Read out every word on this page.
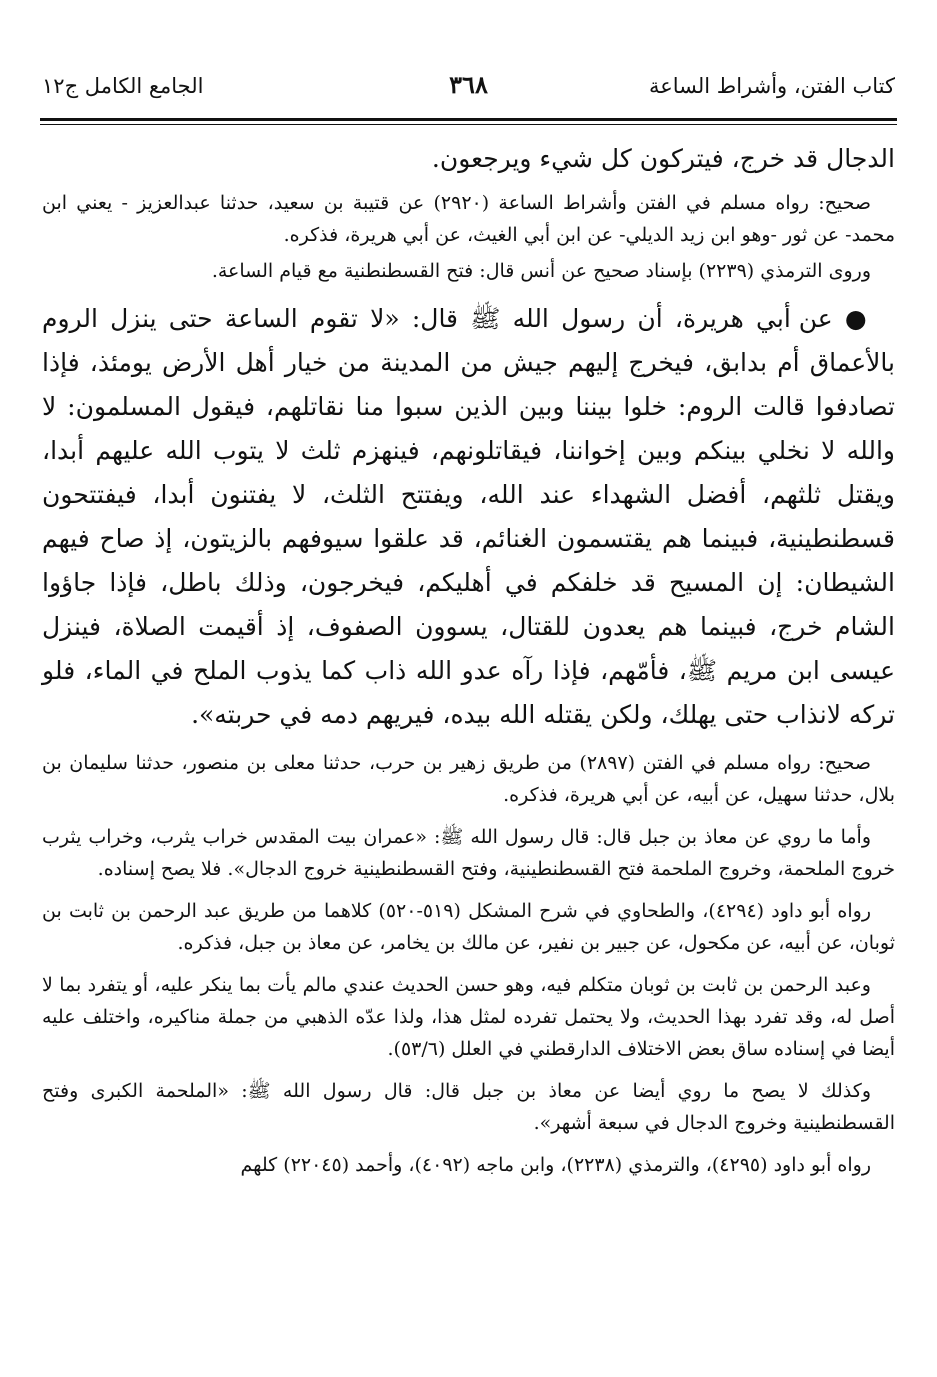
كتاب الفتن، وأشراط الساعة
٣٦٨
الجامع الكامل ج١٢

الدجال قد خرج، فيتركون كل شيء ويرجعون.

صحيح: رواه مسلم في الفتن وأشراط الساعة (٢٩٢٠) عن قتيبة بن سعيد، حدثنا عبدالعزيز - يعني ابن محمد- عن ثور -وهو ابن زيد الديلي- عن ابن أبي الغيث، عن أبي هريرة، فذكره.

وروى الترمذي (٢٢٣٩) بإسناد صحيح عن أنس قال: فتح القسطنطنية مع قيام الساعة.

● عن أبي هريرة، أن رسول الله ﷺ قال: «لا تقوم الساعة حتى ينزل الروم بالأعماق أم بدابق، فيخرج إليهم جيش من المدينة من خيار أهل الأرض يومئذ، فإذا تصادفوا قالت الروم: خلوا بيننا وبين الذين سبوا منا نقاتلهم، فيقول المسلمون: لا والله لا نخلي بينكم وبين إخواننا، فيقاتلونهم، فينهزم ثلث لا يتوب الله عليهم أبدا، ويقتل ثلثهم، أفضل الشهداء عند الله، ويفتتح الثلث، لا يفتنون أبدا، فيفتتحون قسطنطينية، فبينما هم يقتسمون الغنائم، قد علقوا سيوفهم بالزيتون، إذ صاح فيهم الشيطان: إن المسيح قد خلفكم في أهليكم، فيخرجون، وذلك باطل، فإذا جاؤوا الشام خرج، فبينما هم يعدون للقتال، يسوون الصفوف، إذ أقيمت الصلاة، فينزل عيسى ابن مريم ﷺ، فأمّهم، فإذا رآه عدو الله ذاب كما يذوب الملح في الماء، فلو تركه لانذاب حتى يهلك، ولكن يقتله الله بيده، فيريهم دمه في حربته».

صحيح: رواه مسلم في الفتن (٢٨٩٧) من طريق زهير بن حرب، حدثنا معلى بن منصور، حدثنا سليمان بن بلال، حدثنا سهيل، عن أبيه، عن أبي هريرة، فذكره.

وأما ما روي عن معاذ بن جبل قال: قال رسول الله ﷺ: «عمران بيت المقدس خراب يثرب، وخراب يثرب خروج الملحمة، وخروج الملحمة فتح القسطنطينية، وفتح القسطنطينية خروج الدجال». فلا يصح إسناده.

رواه أبو داود (٤٢٩٤)، والطحاوي في شرح المشكل (٥١٩-٥٢٠) كلاهما من طريق عبد الرحمن بن ثابت بن ثوبان، عن أبيه، عن مكحول، عن جبير بن نفير، عن مالك بن يخامر، عن معاذ بن جبل، فذكره.

وعبد الرحمن بن ثابت بن ثوبان متكلم فيه، وهو حسن الحديث عندي مالم يأت بما ينكر عليه، أو يتفرد بما لا أصل له، وقد تفرد بهذا الحديث، ولا يحتمل تفرده لمثل هذا، ولذا عدّه الذهبي من جملة مناكيره، واختلف عليه أيضا في إسناده ساق بعض الاختلاف الدارقطني في العلل (٥٣/٦).

وكذلك لا يصح ما روي أيضا عن معاذ بن جبل قال: قال رسول الله ﷺ: «الملحمة الكبرى وفتح القسطنطينية وخروج الدجال في سبعة أشهر».

رواه أبو داود (٤٢٩٥)، والترمذي (٢٢٣٨)، وابن ماجه (٤٠٩٢)، وأحمد (٢٢٠٤٥) كلهم
